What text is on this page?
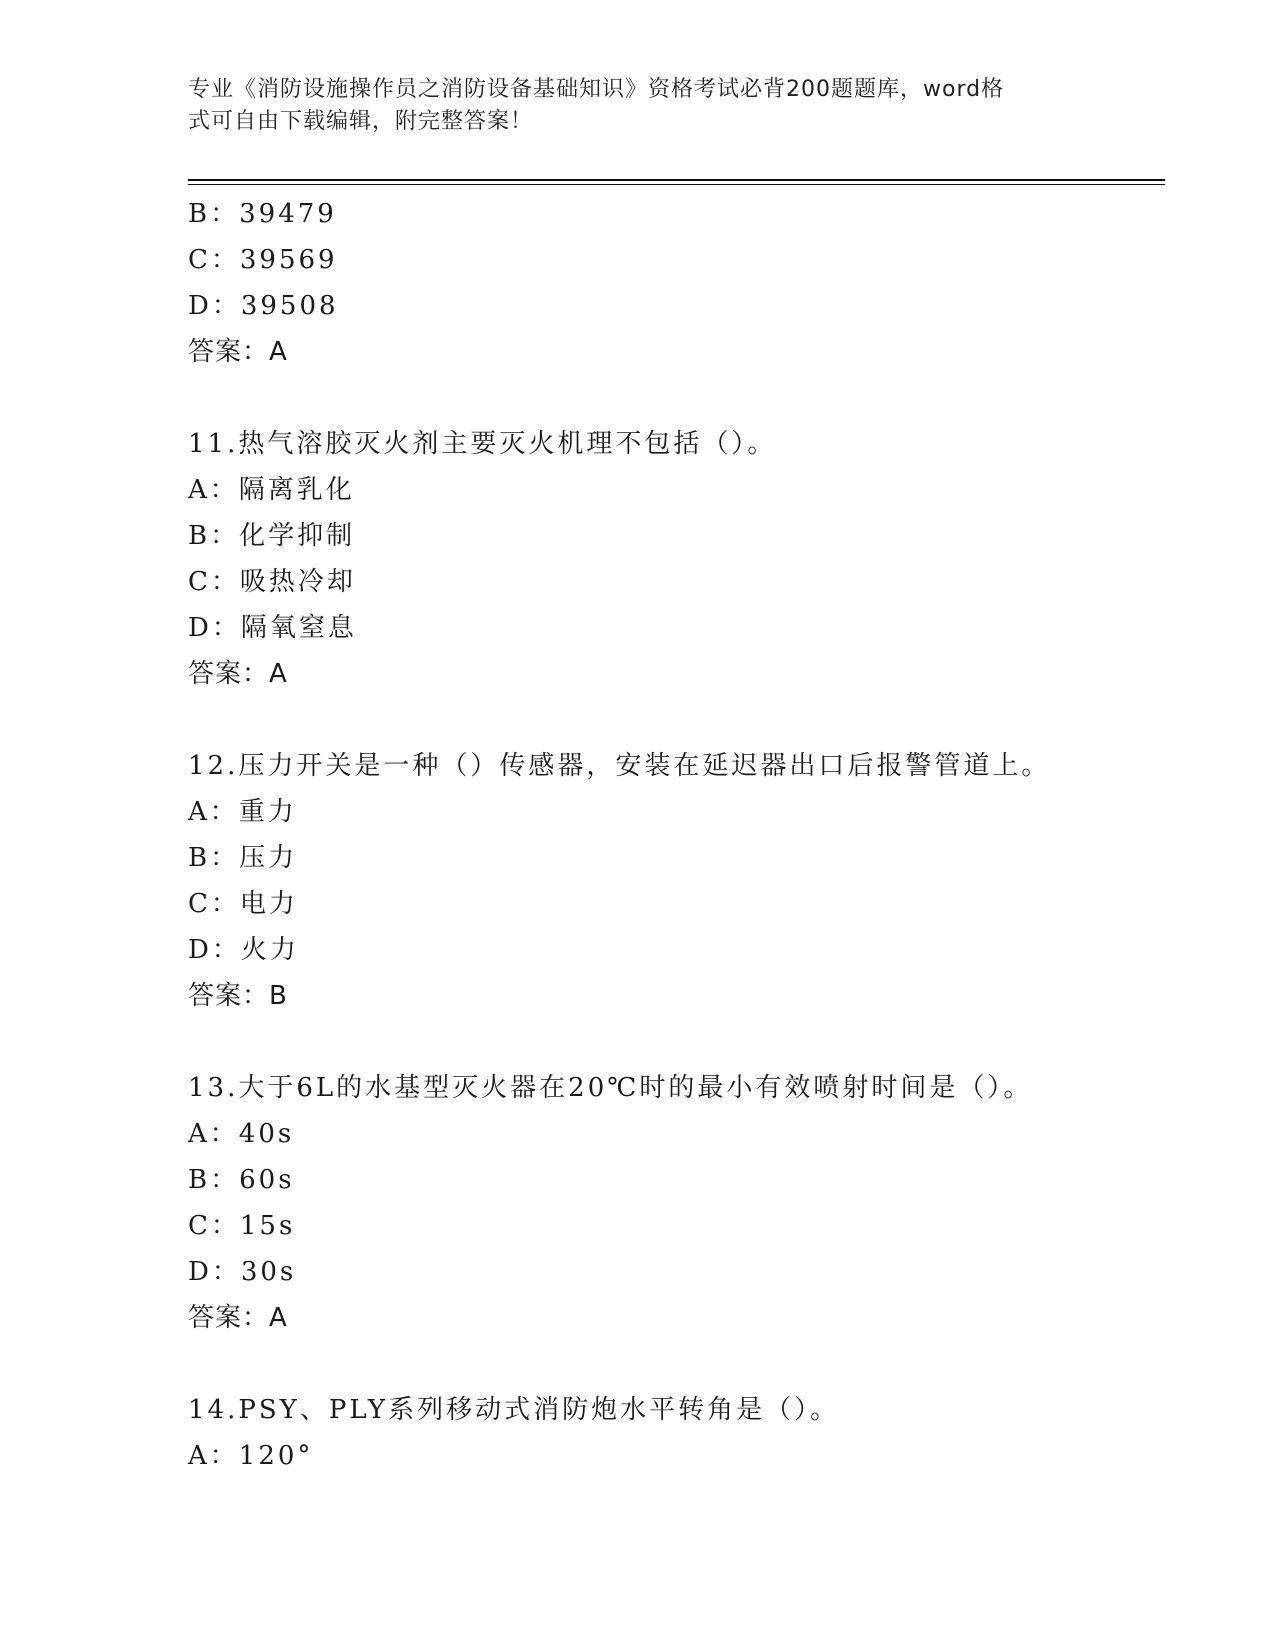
专业《消防设施操作员之消防设备基础知识》资格考试必背200题题库，word格
式可自由下载编辑，附完整答案！
B：39479
C：39569
D：39508
答案：A
11.热气溶胶灭火剂主要灭火机理不包括（）。
A：隔离乳化
B：化学抑制
C：吸热冷却
D：隔氧窒息
答案：A
12.压力开关是一种（）传感器，安装在延迟器出口后报警管道上。
A：重力
B：压力
C：电力
D：火力
答案：B
13.大于6L的水基型灭火器在20℃时的最小有效喷射时间是（）。
A：40s
B：60s
C：15s
D：30s
答案：A
14.PSY、PLY系列移动式消防炮水平转角是（）。
A：120°
